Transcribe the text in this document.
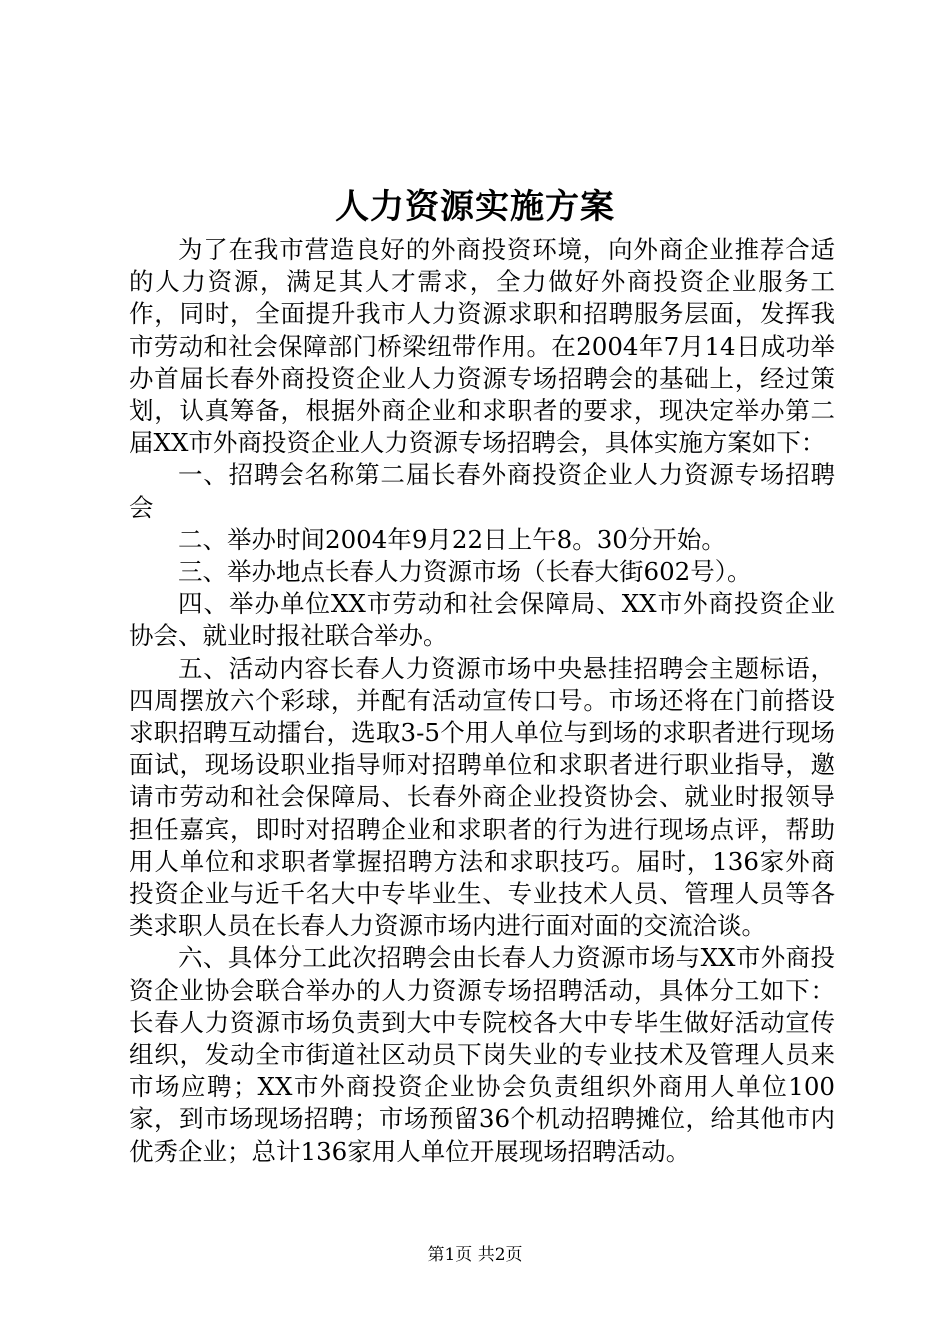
人力资源实施方案

为了在我市营造良好的外商投资环境，向外商企业推荐合适的人力资源，满足其人才需求，全力做好外商投资企业服务工作，同时，全面提升我市人力资源求职和招聘服务层面，发挥我市劳动和社会保障部门桥梁纽带作用。在2004年7月14日成功举办首届长春外商投资企业人力资源专场招聘会的基础上，经过策划，认真筹备，根据外商企业和求职者的要求，现决定举办第二届XX市外商投资企业人力资源专场招聘会，具体实施方案如下：

一、招聘会名称第二届长春外商投资企业人力资源专场招聘会

二、举办时间2004年9月22日上午8。30分开始。

三、举办地点长春人力资源市场（长春大街602号）。

四、举办单位XX市劳动和社会保障局、XX市外商投资企业协会、就业时报社联合举办。

五、活动内容长春人力资源市场中央悬挂招聘会主题标语，四周摆放六个彩球，并配有活动宣传口号。市场还将在门前搭设求职招聘互动擂台，选取3-5个用人单位与到场的求职者进行现场面试，现场设职业指导师对招聘单位和求职者进行职业指导，邀请市劳动和社会保障局、长春外商企业投资协会、就业时报领导担任嘉宾，即时对招聘企业和求职者的行为进行现场点评，帮助用人单位和求职者掌握招聘方法和求职技巧。届时，136家外商投资企业与近千名大中专毕业生、专业技术人员、管理人员等各类求职人员在长春人力资源市场内进行面对面的交流洽谈。

六、具体分工此次招聘会由长春人力资源市场与XX市外商投资企业协会联合举办的人力资源专场招聘活动，具体分工如下：长春人力资源市场负责到大中专院校各大中专毕生做好活动宣传组织，发动全市街道社区动员下岗失业的专业技术及管理人员来市场应聘；XX市外商投资企业协会负责组织外商用人单位100家，到市场现场招聘；市场预留36个机动招聘摊位，给其他市内优秀企业；总计136家用人单位开展现场招聘活动。

第1页 共2页
